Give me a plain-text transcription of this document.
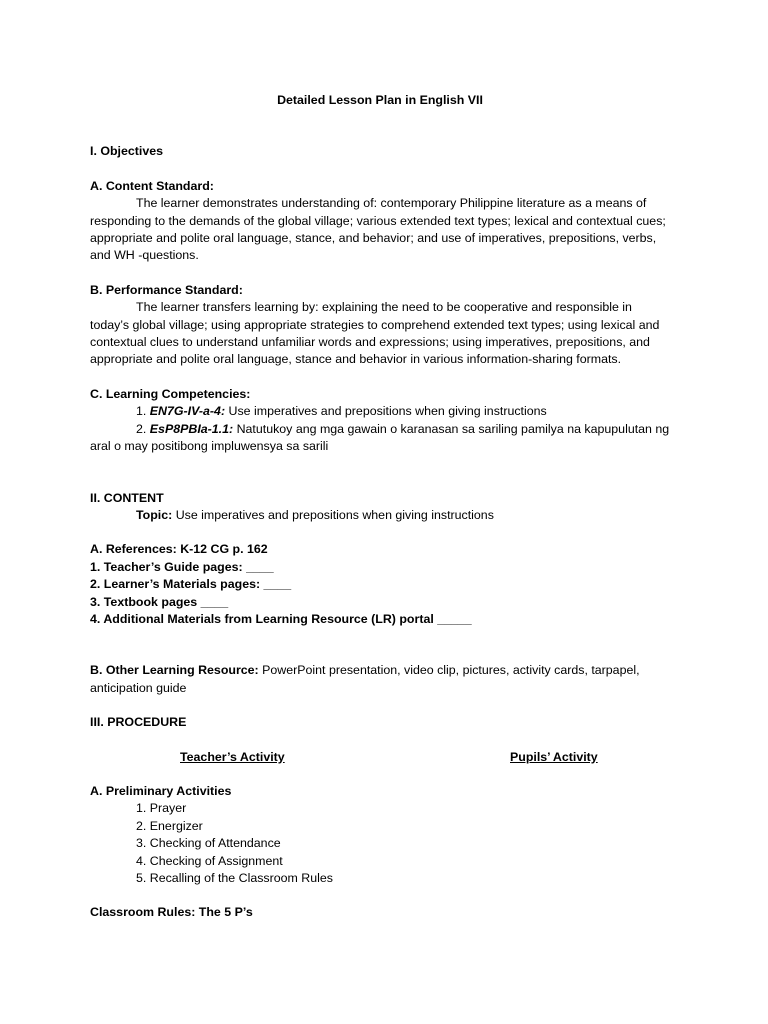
Detailed Lesson Plan in English VII

I. Objectives

A. Content Standard:

The learner demonstrates understanding of: contemporary Philippine literature as a means of responding to the demands of the global village; various extended text types; lexical and contextual cues; appropriate and polite oral language, stance, and behavior; and use of imperatives, prepositions, verbs, and WH -questions.

B. Performance Standard:

The learner transfers learning by: explaining the need to be cooperative and responsible in today’s global village; using appropriate strategies to comprehend extended text types; using lexical and contextual clues to understand unfamiliar words and expressions; using imperatives, prepositions, and appropriate and polite oral language, stance and behavior in various information-sharing formats.

C. Learning Competencies:

1. EN7G-IV-a-4: Use imperatives and prepositions when giving instructions

2. EsP8PBIa-1.1: Natutukoy ang mga gawain o karanasan sa sariling pamilya na kapupulutan ng aral o may positibong impluwensya sa sarili

II. CONTENT

Topic: Use imperatives and prepositions when giving instructions

A. References: K-12 CG p. 162

1. Teacher’s Guide pages: ____

2. Learner’s Materials pages: ____

3. Textbook pages ____

4. Additional Materials from Learning Resource (LR) portal _____

B. Other Learning Resource: PowerPoint presentation, video clip, pictures, activity cards, tarpapel, anticipation guide

III. PROCEDURE

Teacher’s Activity	Pupils’ Activity

A. Preliminary Activities

1. Prayer

2. Energizer

3. Checking of Attendance

4. Checking of Assignment

5. Recalling of the Classroom Rules

Classroom Rules: The 5 P’s
